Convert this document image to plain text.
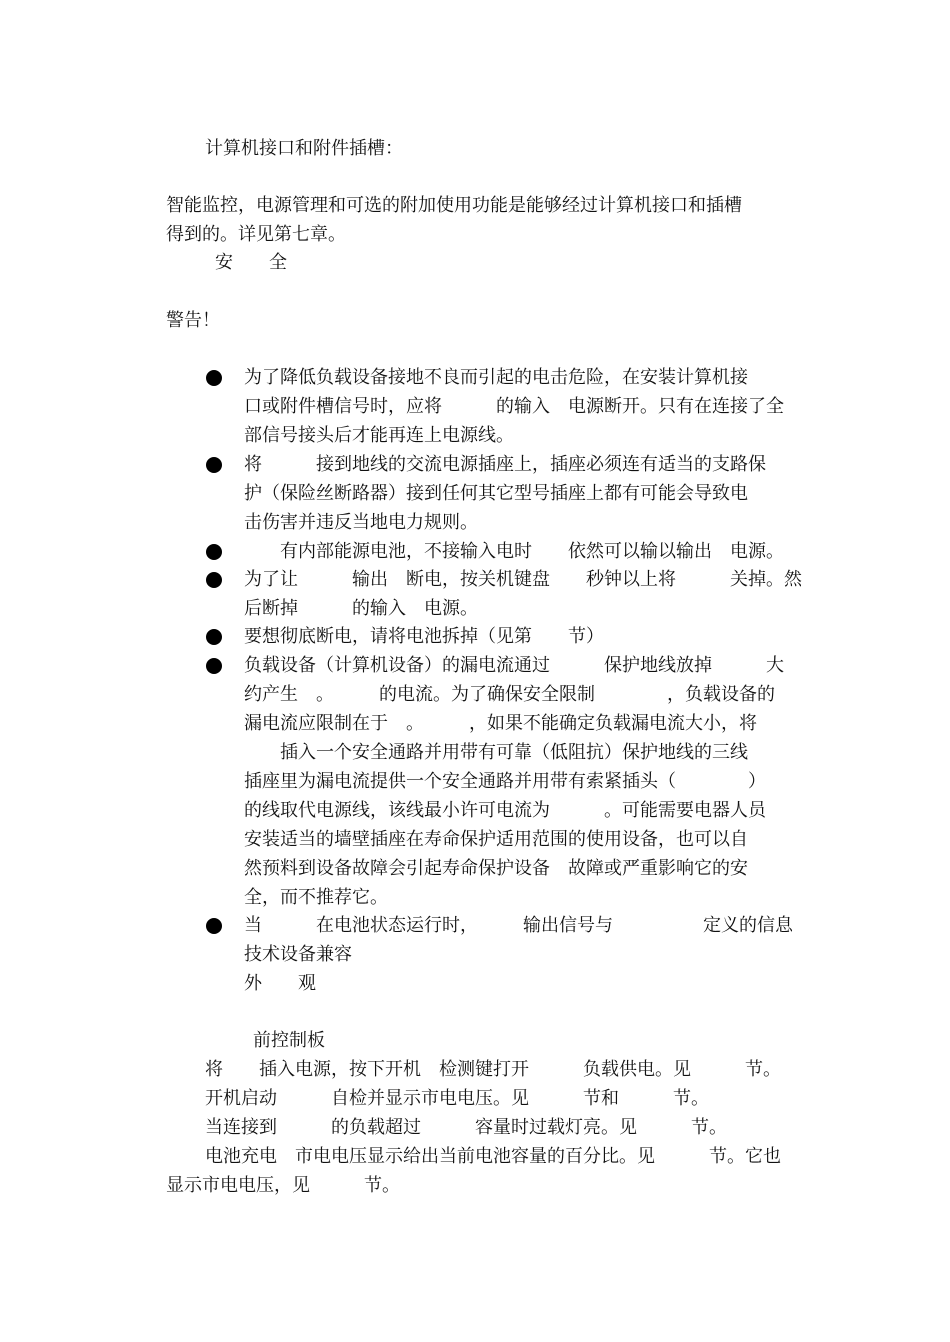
计算机接口和附件插槽：
智能监控，电源管理和可选的附加使用功能是能够经过计算机接口和插槽
得到的。详见第七章。
安　　全
警告！
为了降低负载设备接地不良而引起的电击危险，在安装计算机接
口或附件槽信号时，应将　　　的输入　电源断开。只有在连接了全
部信号接头后才能再连上电源线。
将　　　接到地线的交流电源插座上，插座必须连有适当的支路保
护（保险丝断路器）接到任何其它型号插座上都有可能会导致电
击伤害并违反当地电力规则。
　　有内部能源电池，不接输入电时　　依然可以输以输出　电源。
为了让　　　输出　断电，按关机键盘　　秒钟以上将　　　关掉。然
后断掉　　　的输入　电源。
要想彻底断电，请将电池拆掉（见第　　节）
负载设备（计算机设备）的漏电流通过　　　保护地线放掉　　　大
约产生　。　　　的电流。为了确保安全限制　　　　，负载设备的
漏电流应限制在于　。　　　，如果不能确定负载漏电流大小，将
　　插入一个安全通路并用带有可靠（低阻抗）保护地线的三线
插座里为漏电流提供一个安全通路并用带有索紧插头（　　　　）
的线取代电源线，该线最小许可电流为　　　。可能需要电器人员
安装适当的墙壁插座在寿命保护适用范围的使用设备，也可以自
然预料到设备故障会引起寿命保护设备　故障或严重影响它的安
全，而不推荐它。
当　　　在电池状态运行时，　　　输出信号与　　　　　定义的信息
技术设备兼容
外　　观
前控制板
将　　插入电源，按下开机　检测键打开　　　负载供电。见　　　节。
开机启动　　　自检并显示市电电压。见　　　节和　　　节。
当连接到　　　的负载超过　　　容量时过载灯亮。见　　　节。
电池充电　市电电压显示给出当前电池容量的百分比。见　　　节。它也
显示市电电压，见　　　节。
